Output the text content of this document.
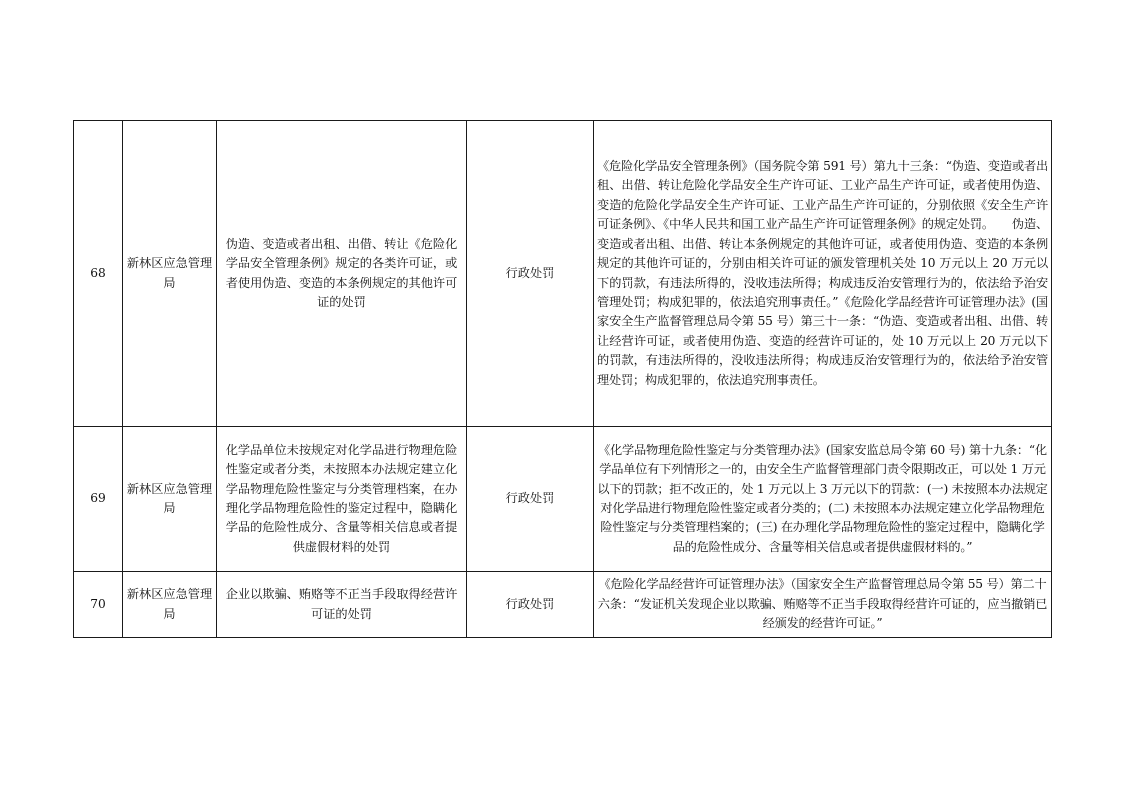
68	新林区应急管理局	伪造、变造或者出租、出借、转让《危险化学品安全管理条例》规定的各类许可证，或者使用伪造、变造的本条例规定的其他许可证的处罚	行政处罚	《危险化学品安全管理条例》（国务院令第 591 号）第九十三条：“伪造、变造或者出租、出借、转让危险化学品安全生产许可证、工业产品生产许可证，或者使用伪造、变造的危险化学品安全生产许可证、工业产品生产许可证的，分别依照《安全生产许可证条例》、《中华人民共和国工业产品生产许可证管理条例》的规定处罚。　　伪造、变造或者出租、出借、转让本条例规定的其他许可证，或者使用伪造、变造的本条例规定的其他许可证的，分别由相关许可证的颁发管理机关处 10 万元以上 20 万元以下的罚款，有违法所得的，没收违法所得；构成违反治安管理行为的，依法给予治安管理处罚；构成犯罪的，依法追究刑事责任。”《危险化学品经营许可证管理办法》(国家安全生产监督管理总局令第 55 号）第三十一条：“伪造、变造或者出租、出借、转让经营许可证，或者使用伪造、变造的经营许可证的，处 10 万元以上 20 万元以下的罚款，有违法所得的，没收违法所得；构成违反治安管理行为的，依法给予治安管理处罚；构成犯罪的，依法追究刑事责任。
69	新林区应急管理局	化学品单位未按规定对化学品进行物理危险性鉴定或者分类，未按照本办法规定建立化学品物理危险性鉴定与分类管理档案，在办理化学品物理危险性的鉴定过程中，隐瞒化学品的危险性成分、含量等相关信息或者提供虚假材料的处罚	行政处罚	《化学品物理危险性鉴定与分类管理办法》(国家安监总局令第 60 号) 第十九条：“化学品单位有下列情形之一的，由安全生产监督管理部门责令限期改正，可以处 1 万元以下的罚款；拒不改正的，处 1 万元以上 3 万元以下的罚款：(一) 未按照本办法规定对化学品进行物理危险性鉴定或者分类的；(二) 未按照本办法规定建立化学品物理危险性鉴定与分类管理档案的；(三) 在办理化学品物理危险性的鉴定过程中，隐瞒化学品的危险性成分、含量等相关信息或者提供虚假材料的。”
70	新林区应急管理局	企业以欺骗、贿赂等不正当手段取得经营许可证的处罚	行政处罚	《危险化学品经营许可证管理办法》（国家安全生产监督管理总局令第 55 号）第二十六条：“发证机关发现企业以欺骗、贿赂等不正当手段取得经营许可证的，应当撤销已经颁发的经营许可证。”
